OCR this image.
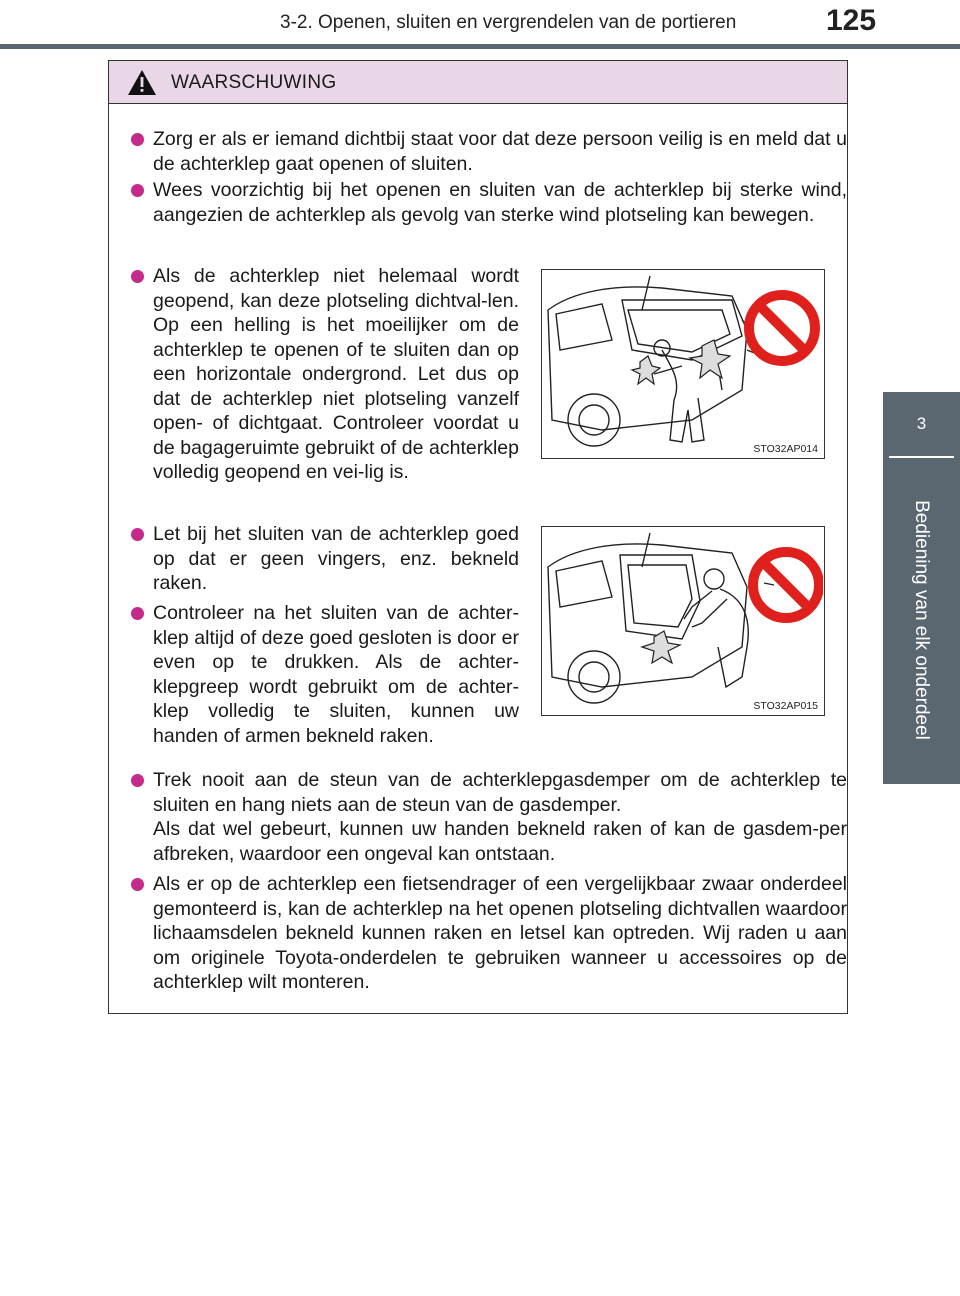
3-2. Openen, sluiten en vergrendelen van de portieren	125
3
Bediening van elk onderdeel
WAARSCHUWING
Zorg er als er iemand dichtbij staat voor dat deze persoon veilig is en meld dat u de achterklep gaat openen of sluiten.
Wees voorzichtig bij het openen en sluiten van de achterklep bij sterke wind, aangezien de achterklep als gevolg van sterke wind plotseling kan bewegen.
Als de achterklep niet helemaal wordt geopend, kan deze plotseling dichtval-len. Op een helling is het moeilijker om de achterklep te openen of te sluiten dan op een horizontale ondergrond. Let dus op dat de achterklep niet plotseling vanzelf open- of dichtgaat. Controleer voordat u de bagageruimte gebruikt of de achterklep volledig geopend en vei-lig is.
Let bij het sluiten van de achterklep goed op dat er geen vingers, enz. bekneld raken.
Controleer na het sluiten van de achter-klep altijd of deze goed gesloten is door er even op te drukken. Als de achter-klepgreep wordt gebruikt om de achter-klep volledig te sluiten, kunnen uw handen of armen bekneld raken.
Trek nooit aan de steun van de achterklepgasdemper om de achterklep te sluiten en hang niets aan de steun van de gasdemper.
Als dat wel gebeurt, kunnen uw handen bekneld raken of kan de gasdem-per afbreken, waardoor een ongeval kan ontstaan.
Als er op de achterklep een fietsendrager of een vergelijkbaar zwaar onderdeel gemonteerd is, kan de achterklep na het openen plotseling dichtvallen waardoor lichaamsdelen bekneld kunnen raken en letsel kan optreden. Wij raden u aan om originele Toyota-onderdelen te gebruiken wanneer u accessoires op de achterklep wilt monteren.
STO32AP014
STO32AP015
